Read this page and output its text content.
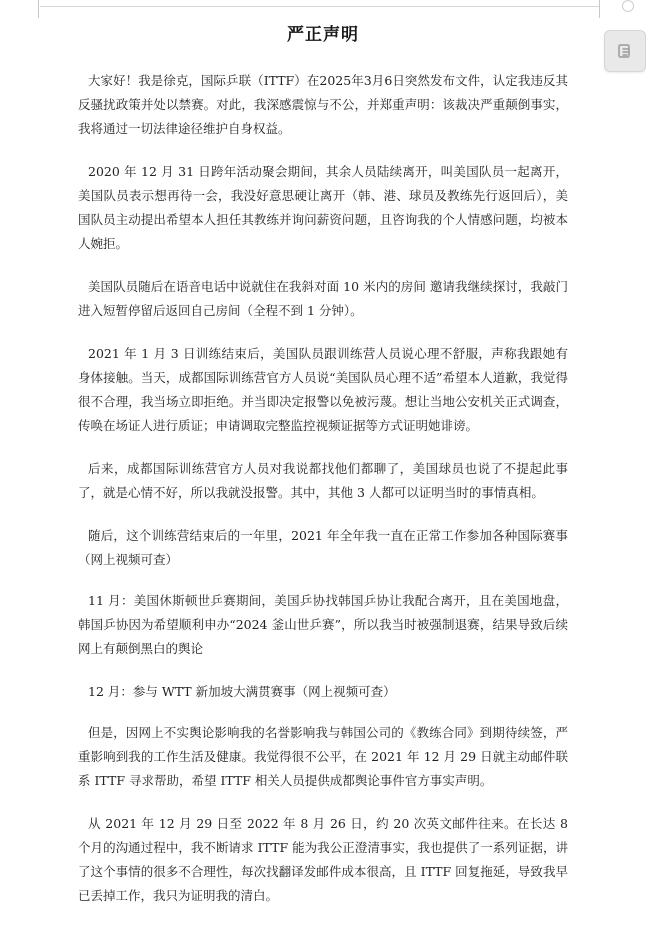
严正声明

大家好！我是徐克，国际乒联（ITTF）在2025年3月6日突然发布文件，认定我违反其反骚扰政策并处以禁赛。对此，我深感震惊与不公，并郑重声明：该裁决严重颠倒事实，我将通过一切法律途径维护自身权益。

2020 年 12 月 31 日跨年活动聚会期间，其余人员陆续离开，叫美国队员一起离开，美国队员表示想再待一会，我没好意思硬让离开（韩、港、球员及教练先行返回后），美国队员主动提出希望本人担任其教练并询问薪资问题，且咨询我的个人情感问题，均被本人婉拒。

美国队员随后在语音电话中说就住在我斜对面 10 米内的房间 邀请我继续探讨，我敲门进入短暂停留后返回自己房间（全程不到 1 分钟）。

2021 年 1 月 3 日训练结束后，美国队员跟训练营人员说心理不舒服，声称我跟她有身体接触。当天，成都国际训练营官方人员说“美国队员心理不适”希望本人道歉，我觉得很不合理，我当场立即拒绝。并当即决定报警以免被污蔑。想让当地公安机关正式调查，传唤在场证人进行质证；申请调取完整监控视频证据等方式证明她诽谤。

后来，成都国际训练营官方人员对我说都找他们都聊了，美国球员也说了不提起此事了，就是心情不好，所以我就没报警。其中，其他 3 人都可以证明当时的事情真相。

随后，这个训练营结束后的一年里，2021 年全年我一直在正常工作参加各种国际赛事（网上视频可查）

11 月：美国休斯顿世乒赛期间，美国乒协找韩国乒协让我配合离开，且在美国地盘，韩国乒协因为希望顺利申办“2024 釜山世乒赛”，所以我当时被强制退赛，结果导致后续网上有颠倒黑白的舆论

12 月：参与 WTT 新加坡大满贯赛事（网上视频可查）

但是，因网上不实舆论影响我的名誉影响我与韩国公司的《教练合同》到期待续签，严重影响到我的工作生活及健康。我觉得很不公平，在 2021 年 12 月 29 日就主动邮件联系 ITTF 寻求帮助，希望 ITTF 相关人员提供成都舆论事件官方事实声明。

从 2021 年 12 月 29 日至 2022 年 8 月 26 日，约 20 次英文邮件往来。在长达 8 个月的沟通过程中，我不断请求 ITTF 能为我公正澄清事实，我也提供了一系列证据，讲了这个事情的很多不合理性，每次找翻译发邮件成本很高，且 ITTF 回复拖延，导致我早已丢掉工作，我只为证明我的清白。
